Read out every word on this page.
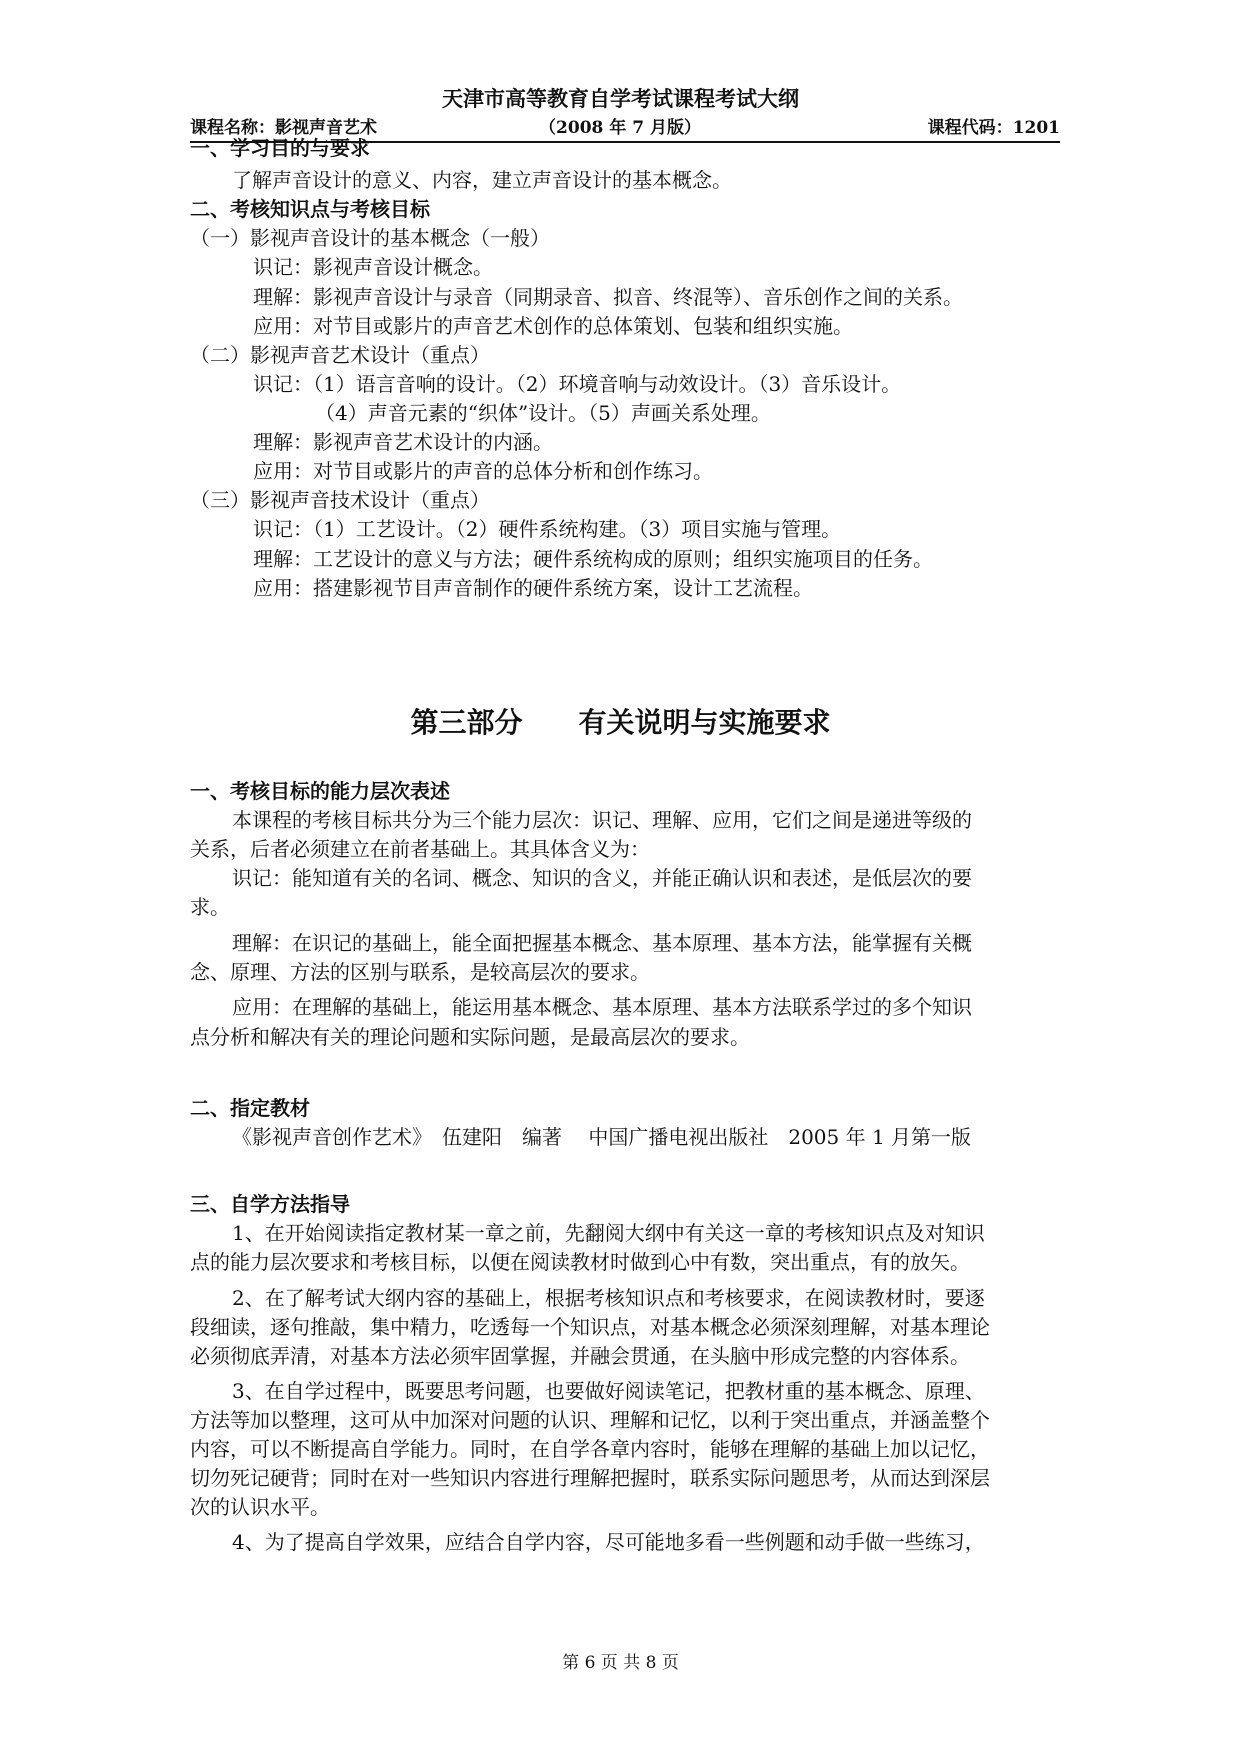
天津市高等教育自学考试课程考试大纲
课程名称：影视声音艺术	（2008 年 7 月版）	课程代码：1201
一、学习目的与要求
了解声音设计的意义、内容，建立声音设计的基本概念。
二、考核知识点与考核目标
（一）影视声音设计的基本概念（一般）
识记：影视声音设计概念。
理解：影视声音设计与录音（同期录音、拟音、终混等）、音乐创作之间的关系。
应用：对节目或影片的声音艺术创作的总体策划、包装和组织实施。
（二）影视声音艺术设计（重点）
识记：（1）语言音响的设计。（2）环境音响与动效设计。（3）音乐设计。
（4）声音元素的“织体”设计。（5）声画关系处理。
理解：影视声音艺术设计的内涵。
应用：对节目或影片的声音的总体分析和创作练习。
（三）影视声音技术设计（重点）
识记：（1）工艺设计。（2）硬件系统构建。（3）项目实施与管理。
理解：工艺设计的意义与方法；硬件系统构成的原则；组织实施项目的任务。
应用：搭建影视节目声音制作的硬件系统方案，设计工艺流程。
第三部分　　有关说明与实施要求
一、考核目标的能力层次表述
本课程的考核目标共分为三个能力层次：识记、理解、应用，它们之间是递进等级的
关系，后者必须建立在前者基础上。其具体含义为：
识记：能知道有关的名词、概念、知识的含义，并能正确认识和表述，是低层次的要
求。
理解：在识记的基础上，能全面把握基本概念、基本原理、基本方法，能掌握有关概
念、原理、方法的区别与联系，是较高层次的要求。
应用：在理解的基础上，能运用基本概念、基本原理、基本方法联系学过的多个知识
点分析和解决有关的理论问题和实际问题，是最高层次的要求。
二、指定教材
《影视声音创作艺术》　伍建阳　编著　 中国广播电视出版社　2005 年 1 月第一版
三、自学方法指导
1、在开始阅读指定教材某一章之前，先翻阅大纲中有关这一章的考核知识点及对知识
点的能力层次要求和考核目标，以便在阅读教材时做到心中有数，突出重点，有的放矢。
2、在了解考试大纲内容的基础上，根据考核知识点和考核要求，在阅读教材时，要逐
段细读，逐句推敲，集中精力，吃透每一个知识点，对基本概念必须深刻理解，对基本理论
必须彻底弄清，对基本方法必须牢固掌握，并融会贯通，在头脑中形成完整的内容体系。
3、在自学过程中，既要思考问题，也要做好阅读笔记，把教材重的基本概念、原理、
方法等加以整理，这可从中加深对问题的认识、理解和记忆，以利于突出重点，并涵盖整个
内容，可以不断提高自学能力。同时，在自学各章内容时，能够在理解的基础上加以记忆，
切勿死记硬背；同时在对一些知识内容进行理解把握时，联系实际问题思考，从而达到深层
次的认识水平。
4、为了提高自学效果，应结合自学内容，尽可能地多看一些例题和动手做一些练习，
第 6 页 共 8 页
